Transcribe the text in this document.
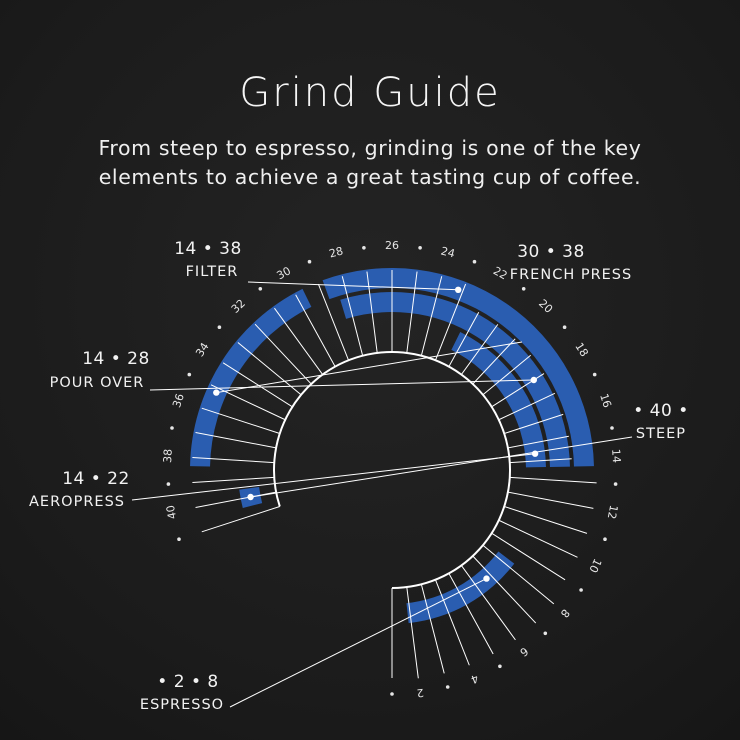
Grind Guide
From steep to espresso, grinding is one of the key
elements to achieve a great tasting cup of coffee.
2
4
6
8
10
12
14
16
18
20
22
24
26
28
30
32
34
36
38
40
14 • 38
FILTER
30 • 38
FRENCH PRESS
14 • 28
POUR OVER
14 • 22
AEROPRESS
• 40 •
STEEP
• 2 • 8
ESPRESSO
